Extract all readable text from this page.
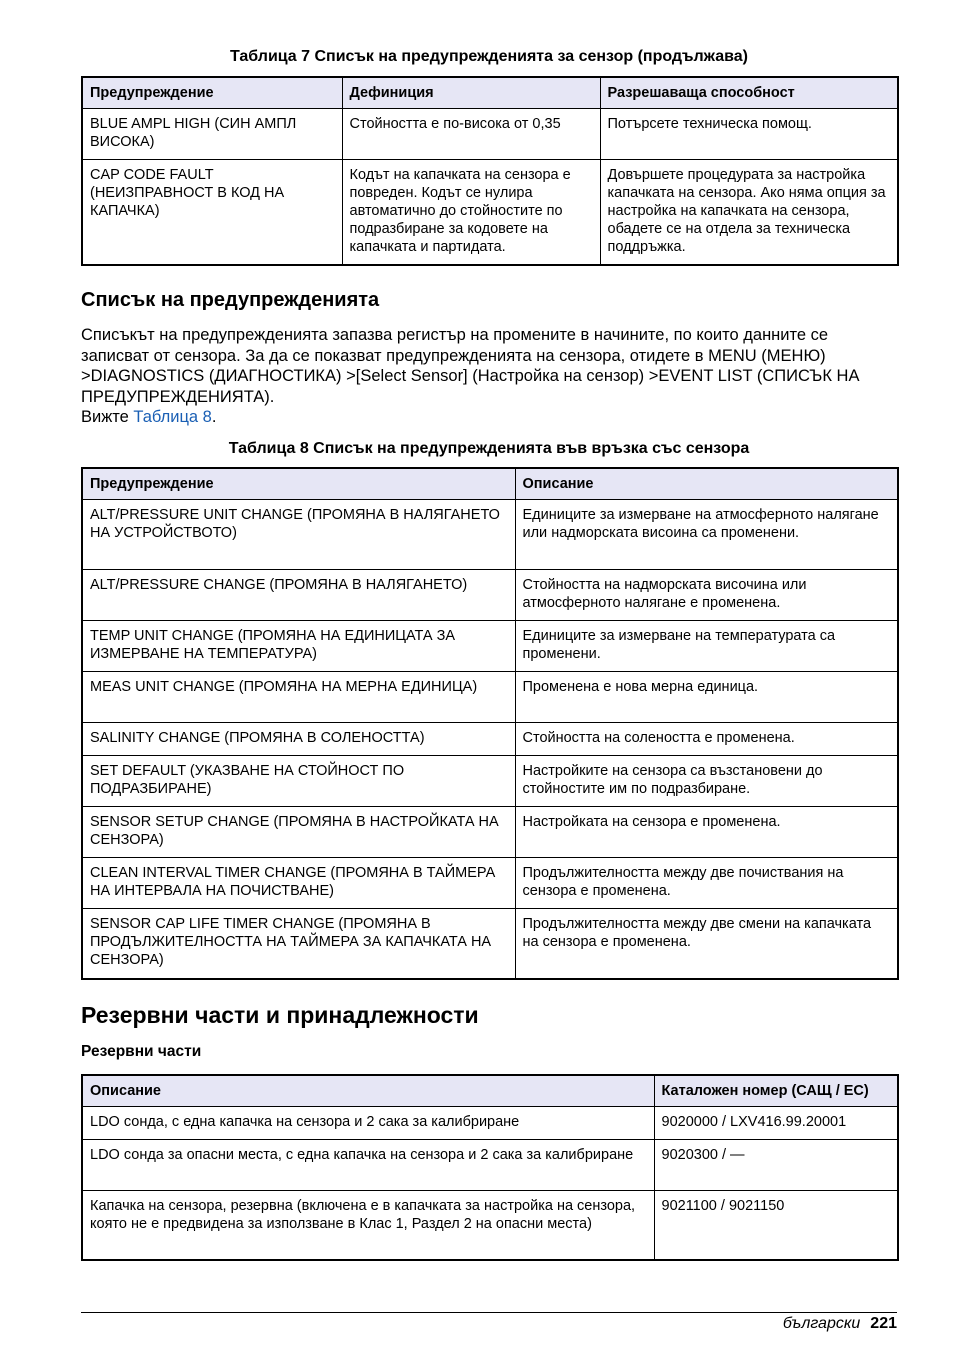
Таблица 7 Списък на предупрежденията за сензор (продължава)
Предупреждение	Дефиниция	Разрешаваща способност
BLUE AMPL HIGH (СИН АМПЛ ВИСОКА)	Стойността е по-висока от 0,35	Потърсете техническа помощ.
CAP CODE FAULT (НЕИЗПРАВНОСТ В КОД НА КАПАЧКА)	Кодът на капачката на сензора е повреден. Кодът се нулира автоматично до стойностите по подразбиране за кодовете на капачката и партидата.	Довършете процедурата за настройка капачката на сензора. Ако няма опция за настройка на капачката на сензора, обадете се на отдела за техническа поддръжка.
Списък на предупрежденията

Списъкът на предупрежденията запазва регистър на промените в начините, по които данните се записват от сензора. За да се показват предупрежденията на сензора, отидете в MENU (МЕНЮ) >DIAGNOSTICS (ДИАГНОСТИКА) >[Select Sensor] (Настройка на сензор) >EVENT LIST (СПИСЪК НА ПРЕДУПРЕЖДЕНИЯТА).
Вижте Таблица 8.

Таблица 8 Списък на предупрежденията във връзка със сензора
Предупреждение	Описание
ALT/PRESSURE UNIT CHANGE (ПРОМЯНА В НАЛЯГАНЕТО НА УСТРОЙСТВОТО)	Единиците за измерване на атмосферното налягане или надморската висоина са променени.
ALT/PRESSURE CHANGE (ПРОМЯНА В НАЛЯГАНЕТО)	Стойността на надморската височина или атмосферното налягане е променена.
TEMP UNIT CHANGE (ПРОМЯНА НА ЕДИНИЦАТА ЗА ИЗМЕРВАНЕ НА ТЕМПЕРАТУРА)	Единиците за измерване на температурата са променени.
MEAS UNIT CHANGE (ПРОМЯНА НА МЕРНА ЕДИНИЦА)	Променена е нова мерна единица.
SALINITY CHANGE (ПРОМЯНА В СОЛЕНОСТТА)	Стойността на солеността е променена.
SET DEFAULT (УКАЗВАНЕ НА СТОЙНОСТ ПО ПОДРАЗБИРАНЕ)	Настройките на сензора са възстановени до стойностите им по подразбиране.
SENSOR SETUP CHANGE (ПРОМЯНА В НАСТРОЙКАТА НА СЕНЗОРА)	Настройката на сензора е променена.
CLEAN INTERVAL TIMER CHANGE (ПРОМЯНА В ТАЙМЕРА НА ИНТЕРВАЛА НА ПОЧИСТВАНЕ)	Продължителността между две почиствания на сензора е променена.
SENSOR CAP LIFE TIMER CHANGE (ПРОМЯНА В ПРОДЪЛЖИТЕЛНОСТТА НА ТАЙМЕРА ЗА КАПАЧКАТА НА СЕНЗОРА)	Продължителността между две смени на капачката на сензора е променена.
Резервни части и принадлежности
Резервни части
Описание	Каталожен номер (САЩ / ЕС)
LDO сонда, с една капачка на сензора и 2 сака за калибриране	9020000 / LXV416.99.20001
LDO сонда за опасни места, с една капачка на сензора и 2 сака за калибриране	9020300 / —
Капачка на сензора, резервна (включена е в капачката за настройка на сензора, която не е предвидена за използване в Клас 1, Раздел 2 на опасни места)	9021100 / 9021150
български 221
